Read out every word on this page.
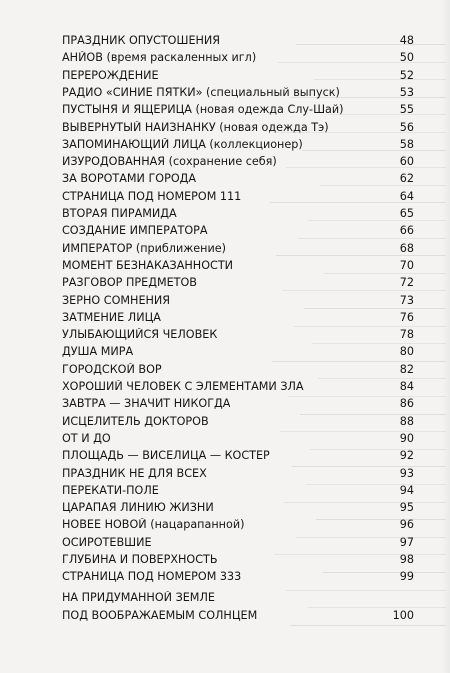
ПРАЗДНИК ОПУСТОШЕНИЯ	48
АНЙОВ (время раскаленных игл)	50
ПЕРЕРОЖДЕНИЕ	52
РАДИО «СИНИЕ ПЯТКИ» (специальный выпуск)	53
ПУСТЫНЯ И ЯЩЕРИЦА (новая одежда Слу-Шай)	55
ВЫВЕРНУТЫЙ НАИЗНАНКУ (новая одежда Тэ)	56
ЗАПОМИНАЮЩИЙ ЛИЦА (коллекционер)	58
ИЗУРОДОВАННАЯ (сохранение себя)	60
ЗА ВОРОТАМИ ГОРОДА	62
СТРАНИЦА ПОД НОМЕРОМ 111	64
ВТОРАЯ ПИРАМИДА	65
СОЗДАНИЕ ИМПЕРАТОРА	66
ИМПЕРАТОР (приближение)	68
МОМЕНТ БЕЗНАКАЗАННОСТИ	70
РАЗГОВОР ПРЕДМЕТОВ	72
ЗЕРНО СОМНЕНИЯ	73
ЗАТМЕНИЕ ЛИЦА	76
УЛЫБАЮЩИЙСЯ ЧЕЛОВЕК	78
ДУША МИРА	80
ГОРОДСКОЙ ВОР	82
ХОРОШИЙ ЧЕЛОВЕК С ЭЛЕМЕНТАМИ ЗЛА	84
ЗАВТРА — ЗНАЧИТ НИКОГДА	86
ИСЦЕЛИТЕЛЬ ДОКТОРОВ	88
ОТ И ДО	90
ПЛОЩАДЬ — ВИСЕЛИЦА — КОСТЕР	92
ПРАЗДНИК НЕ ДЛЯ ВСЕХ	93
ПЕРЕКАТИ-ПОЛЕ	94
ЦАРАПАЯ ЛИНИЮ ЖИЗНИ	95
НОВЕЕ НОВОЙ (нацарапанной)	96
ОСИРОТЕВШИЕ	97
ГЛУБИНА И ПОВЕРХНОСТЬ	98
СТРАНИЦА ПОД НОМЕРОМ 333	99
НА ПРИДУМАННОЙ ЗЕМЛЕ
ПОД ВООБРАЖАЕМЫМ СОЛНЦЕМ	100
